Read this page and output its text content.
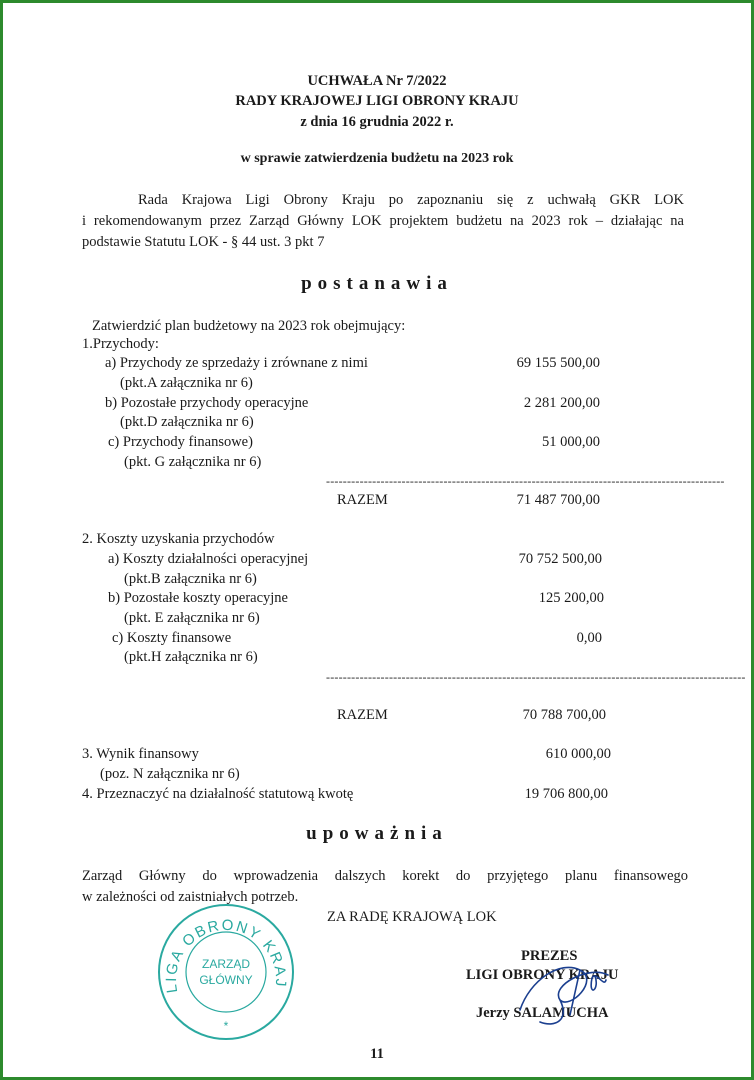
UCHWAŁA Nr 7/2022
RADY KRAJOWEJ LIGI OBRONY KRAJU
z dnia 16 grudnia 2022 r.
w sprawie zatwierdzenia budżetu na 2023 rok
Rada Krajowa Ligi Obrony Kraju po zapoznaniu się z uchwałą GKR LOK
i rekomendowanym przez Zarząd Główny LOK projektem budżetu na 2023 rok – działając na
podstawie Statutu LOK - § 44 ust. 3 pkt 7
postanawia
Zatwierdzić plan budżetowy na 2023 rok obejmujący:
1.Przychody:
a) Przychody ze sprzedaży i zrównane z nimi	69 155 500,00
(pkt.A załącznika nr 6)
b) Pozostałe przychody operacyjne	2 281 200,00
(pkt.D załącznika nr 6)
c) Przychody finansowe)	51 000,00
(pkt. G załącznika nr 6)
-----------------------------------------------------------------------------------------------
RAZEM	71 487 700,00
2. Koszty uzyskania przychodów
a) Koszty działalności operacyjnej	70 752 500,00
(pkt.B załącznika nr 6)
b) Pozostałe koszty operacyjne	125 200,00
(pkt. E załącznika nr 6)
c) Koszty finansowe	0,00
(pkt.H załącznika nr 6)
----------------------------------------------------------------------------------------------------
RAZEM	70 788 700,00
3. Wynik finansowy	610 000,00
(poz. N załącznika nr 6)
4. Przeznaczyć na działalność statutową kwotę	19 706 800,00
upoważnia
Zarząd Główny do wprowadzenia dalszych korekt do przyjętego planu finansowego
w zależności od zaistniałych potrzeb.
ZA RADĘ KRAJOWĄ LOK
PREZES
LIGI OBRONY KRAJU
Jerzy SALAMUCHA
LIGA OBRONY KRAJ
ZARZĄD
GŁÓWNY
*
11
